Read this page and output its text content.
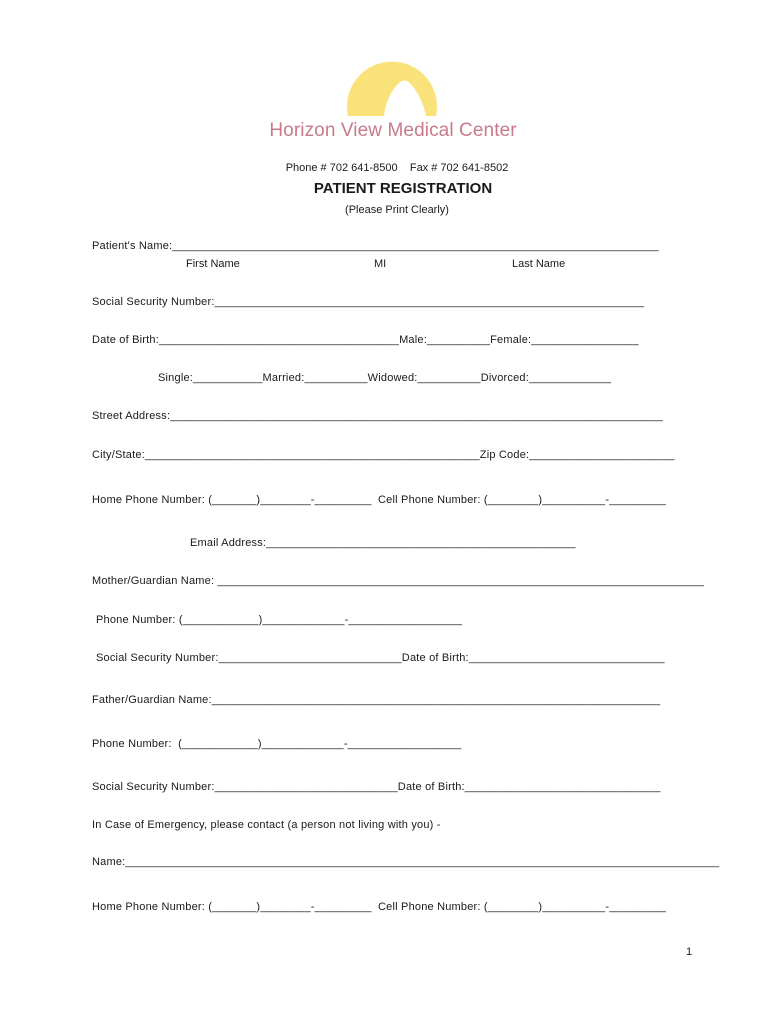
Horizon View Medical Center
Phone # 702 641-8500    Fax # 702 641-8502
PATIENT REGISTRATION
(Please Print Clearly)
Patient's Name:_____________________________________________________________________________
First Name	MI	Last Name
Social Security Number:____________________________________________________________________
Date of Birth:______________________________________Male:__________Female:_________________
Single:___________Married:__________Widowed:__________Divorced:_____________
Street Address:______________________________________________________________________________
City/State:_____________________________________________________Zip Code:_______________________
Home Phone Number: (_______)________-_________  Cell Phone Number: (________)__________-_________
Email Address:_________________________________________________
Mother/Guardian Name: _____________________________________________________________________________
Phone Number: (____________)_____________-__________________
Social Security Number:_____________________________Date of Birth:_______________________________
Father/Guardian Name:_______________________________________________________________________
Phone Number:  (____________)_____________-__________________
Social Security Number:_____________________________Date of Birth:_______________________________
In Case of Emergency, please contact (a person not living with you) -
Name:______________________________________________________________________________________________
Home Phone Number: (_______)________-_________  Cell Phone Number: (________)__________-_________
1
